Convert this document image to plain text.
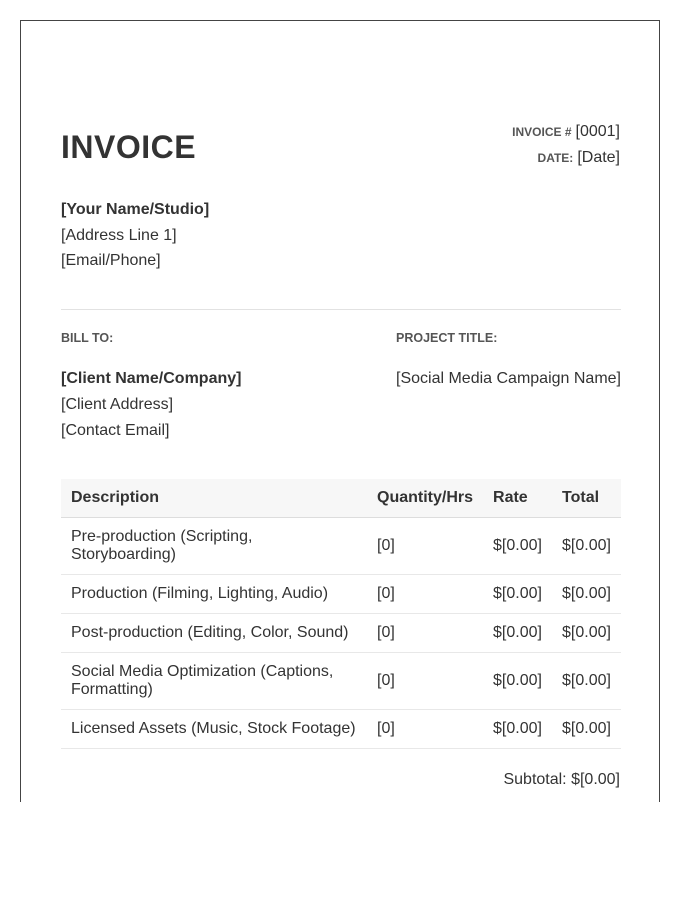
INVOICE	INVOICE # [0001]
DATE: [Date]
[Your Name/Studio]
[Address Line 1]
[Email/Phone]
BILL TO:	PROJECT TITLE:
[Client Name/Company]
[Client Address]
[Contact Email]
[Social Media Campaign Name]
Description	Quantity/Hrs	Rate	Total
Pre-production (Scripting, Storyboarding)	[0]	$[0.00]	$[0.00]
Production (Filming, Lighting, Audio)	[0]	$[0.00]	$[0.00]
Post-production (Editing, Color, Sound)	[0]	$[0.00]	$[0.00]
Social Media Optimization (Captions, Formatting)	[0]	$[0.00]	$[0.00]
Licensed Assets (Music, Stock Footage)	[0]	$[0.00]	$[0.00]
Subtotal: $[0.00]
